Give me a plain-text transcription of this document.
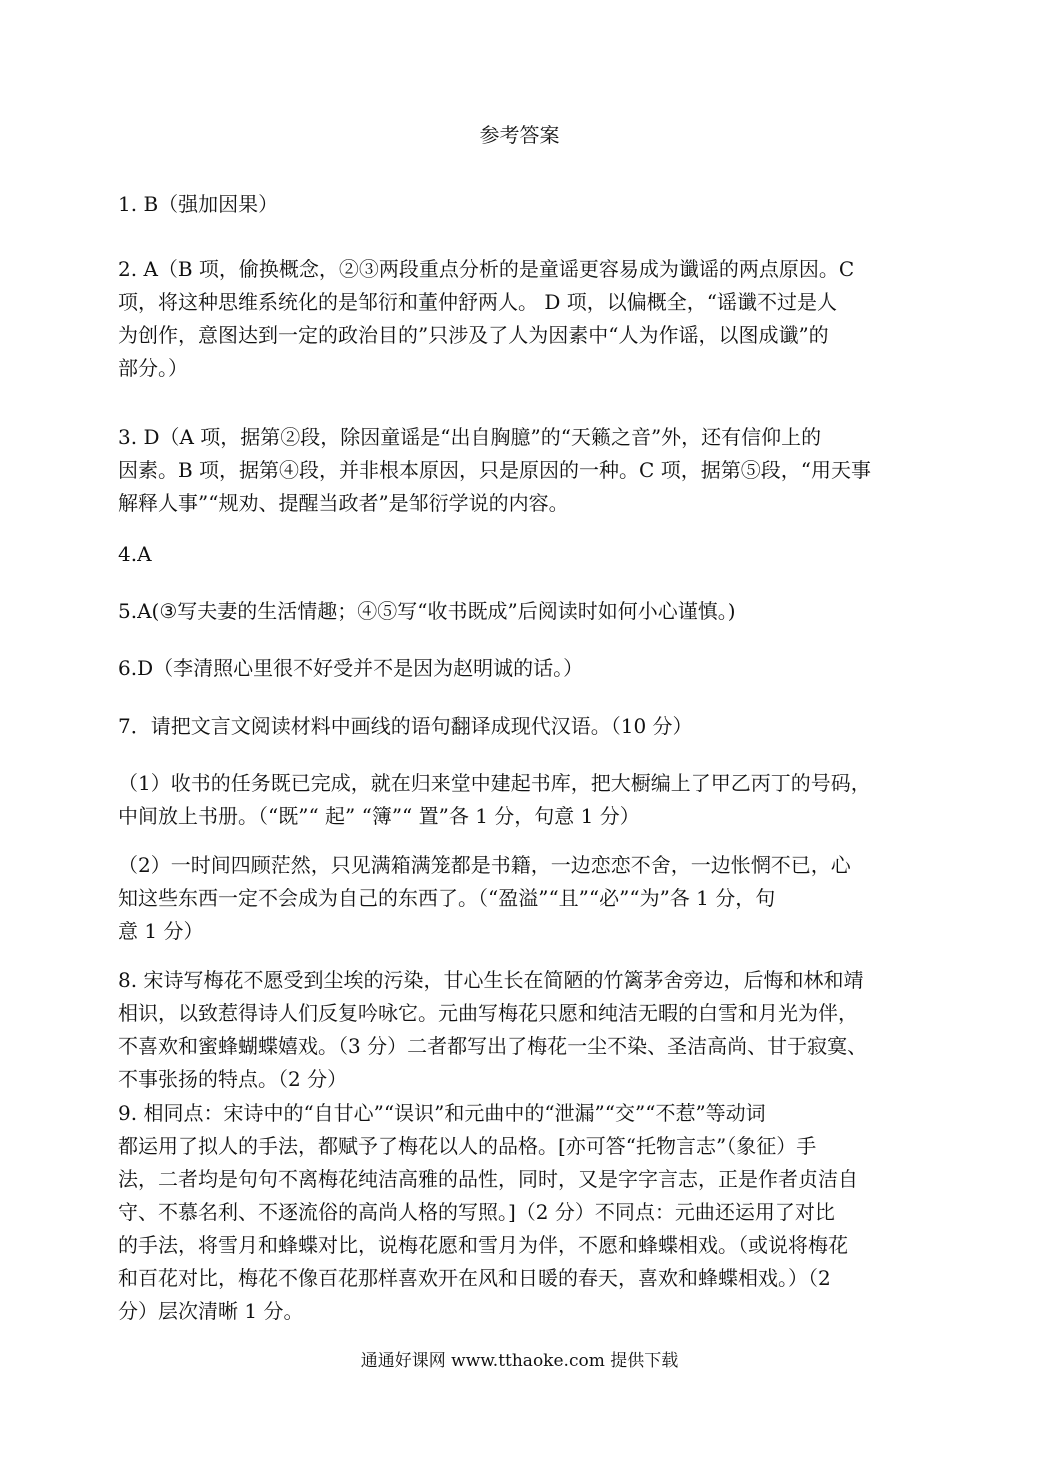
参考答案
1. B（强加因果）
2. A（B 项，偷换概念，②③两段重点分析的是童谣更容易成为谶谣的两点原因。C
项，将这种思维系统化的是邹衍和董仲舒两人。 D 项，以偏概全，“谣谶不过是人
为创作，意图达到一定的政治目的”只涉及了人为因素中“人为作谣，以图成谶”的
部分。）
3. D（A 项，据第②段，除因童谣是“出自胸臆”的“天籁之音”外，还有信仰上的
因素。B 项，据第④段，并非根本原因，只是原因的一种。C 项，据第⑤段，“用天事
解释人事”“规劝、提醒当政者”是邹衍学说的内容。
4.A
5.A(③写夫妻的生活情趣；④⑤写“收书既成”后阅读时如何小心谨慎。)
6.D（李清照心里很不好受并不是因为赵明诚的话。）
7．请把文言文阅读材料中画线的语句翻译成现代汉语。（10 分）
（1）收书的任务既已完成，就在归来堂中建起书库，把大橱编上了甲乙丙丁的号码，
中间放上书册。（“既”“ 起” “簿”“ 置”各 1 分，句意 1 分）
（2）一时间四顾茫然，只见满箱满笼都是书籍，一边恋恋不舍，一边怅惘不已，心
知这些东西一定不会成为自己的东西了。（“盈溢”“且”“必”“为”各 1 分，句
意 1 分）
8. 宋诗写梅花不愿受到尘埃的污染，甘心生长在简陋的竹篱茅舍旁边，后悔和林和靖
相识，以致惹得诗人们反复吟咏它。元曲写梅花只愿和纯洁无暇的白雪和月光为伴，
不喜欢和蜜蜂蝴蝶嬉戏。（3 分）二者都写出了梅花一尘不染、圣洁高尚、甘于寂寞、
不事张扬的特点。（2 分）
9. 相同点：宋诗中的“自甘心”“误识”和元曲中的“泄漏”“交”“不惹”等动词
都运用了拟人的手法，都赋予了梅花以人的品格。[亦可答“托物言志”（象征）手
法，二者均是句句不离梅花纯洁高雅的品性，同时，又是字字言志，正是作者贞洁自
守、不慕名利、不逐流俗的高尚人格的写照。]（2 分）不同点：元曲还运用了对比
的手法，将雪月和蜂蝶对比，说梅花愿和雪月为伴，不愿和蜂蝶相戏。（或说将梅花
和百花对比，梅花不像百花那样喜欢开在风和日暖的春天，喜欢和蜂蝶相戏。）（2
分）层次清晰 1 分。
通通好课网 www.tthaoke.com 提供下载
